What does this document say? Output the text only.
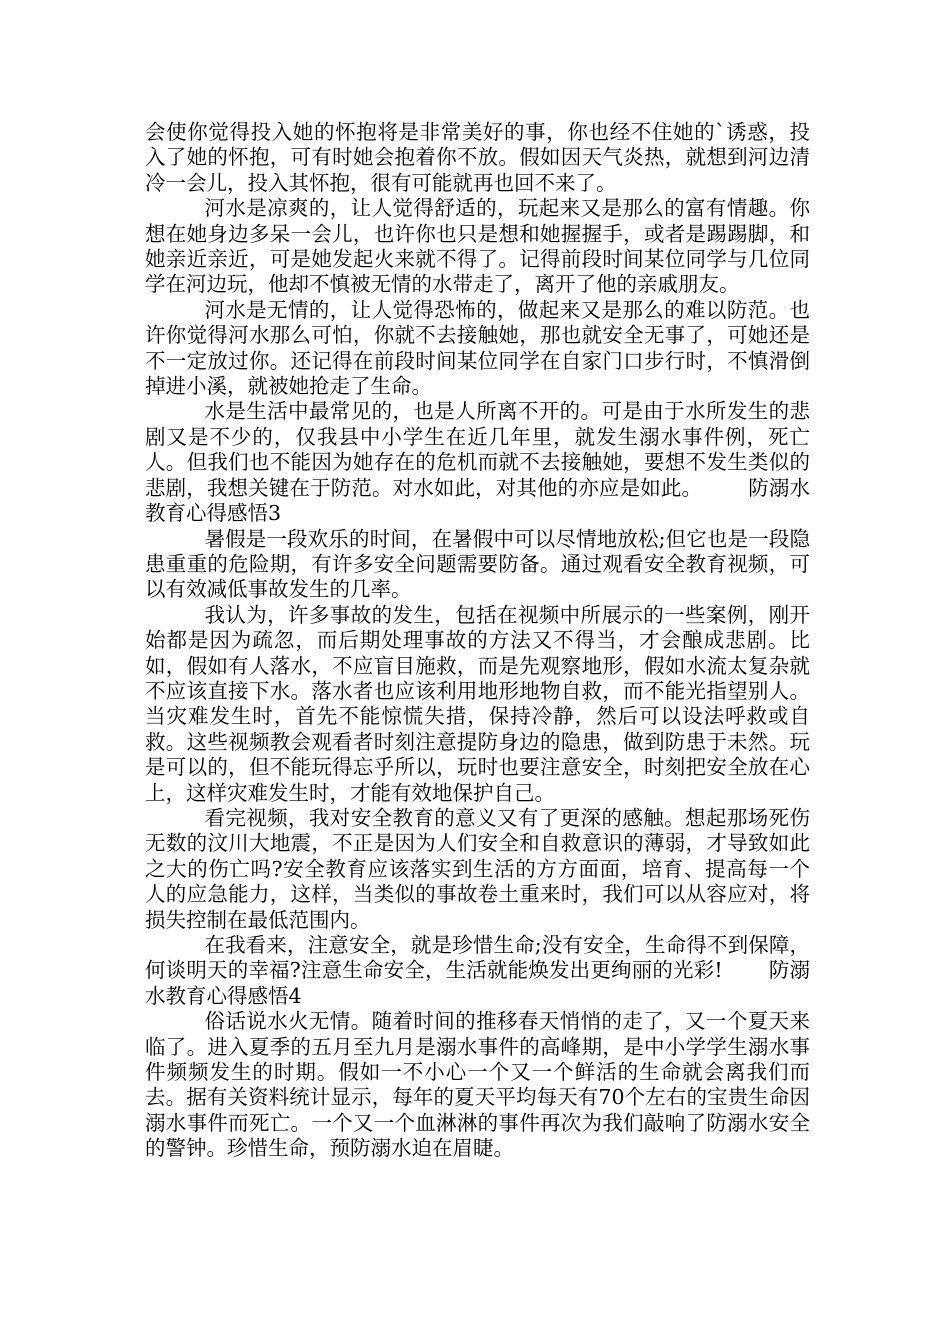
会使你觉得投入她的怀抱将是非常美好的事，你也经不住她的`诱惑，投入了她的怀抱，可有时她会抱着你不放。假如因天气炎热，就想到河边清冷一会儿，投入其怀抱，很有可能就再也回不来了。

河水是凉爽的，让人觉得舒适的，玩起来又是那么的富有情趣。你想在她身边多呆一会儿，也许你也只是想和她握握手，或者是踢踢脚，和她亲近亲近，可是她发起火来就不得了。记得前段时间某位同学与几位同学在河边玩，他却不慎被无情的水带走了，离开了他的亲戚朋友。

河水是无情的，让人觉得恐怖的，做起来又是那么的难以防范。也许你觉得河水那么可怕，你就不去接触她，那也就安全无事了，可她还是不一定放过你。还记得在前段时间某位同学在自家门口步行时，不慎滑倒掉进小溪，就被她抢走了生命。

水是生活中最常见的，也是人所离不开的。可是由于水所发生的悲剧又是不少的，仅我县中小学生在近几年里，就发生溺水事件例，死亡人。但我们也不能因为她存在的危机而就不去接触她，要想不发生类似的悲剧，我想关键在于防范。对水如此，对其他的亦应是如此。 防溺水教育心得感悟3

暑假是一段欢乐的时间，在暑假中可以尽情地放松;但它也是一段隐患重重的危险期，有许多安全问题需要防备。通过观看安全教育视频，可以有效减低事故发生的几率。

我认为，许多事故的发生，包括在视频中所展示的一些案例，刚开始都是因为疏忽，而后期处理事故的方法又不得当，才会酿成悲剧。比如，假如有人落水，不应盲目施救，而是先观察地形，假如水流太复杂就不应该直接下水。落水者也应该利用地形地物自救，而不能光指望别人。当灾难发生时，首先不能惊慌失措，保持冷静，然后可以设法呼救或自救。这些视频教会观看者时刻注意提防身边的隐患，做到防患于未然。玩是可以的，但不能玩得忘乎所以，玩时也要注意安全，时刻把安全放在心上，这样灾难发生时，才能有效地保护自己。

看完视频，我对安全教育的意义又有了更深的感触。想起那场死伤无数的汶川大地震，不正是因为人们安全和自救意识的薄弱，才导致如此之大的伤亡吗?安全教育应该落实到生活的方方面面，培育、提高每一个人的应急能力，这样，当类似的事故卷土重来时，我们可以从容应对，将损失控制在最低范围内。

在我看来，注意安全，就是珍惜生命;没有安全，生命得不到保障，何谈明天的幸福?注意生命安全，生活就能焕发出更绚丽的光彩! 防溺水教育心得感悟4

俗话说水火无情。随着时间的推移春天悄悄的走了，又一个夏天来临了。进入夏季的五月至九月是溺水事件的高峰期，是中小学学生溺水事件频频发生的时期。假如一不小心一个又一个鲜活的生命就会离我们而去。据有关资料统计显示，每年的夏天平均每天有70个左右的宝贵生命因溺水事件而死亡。一个又一个血淋淋的事件再次为我们敲响了防溺水安全的警钟。珍惜生命，预防溺水迫在眉睫。
